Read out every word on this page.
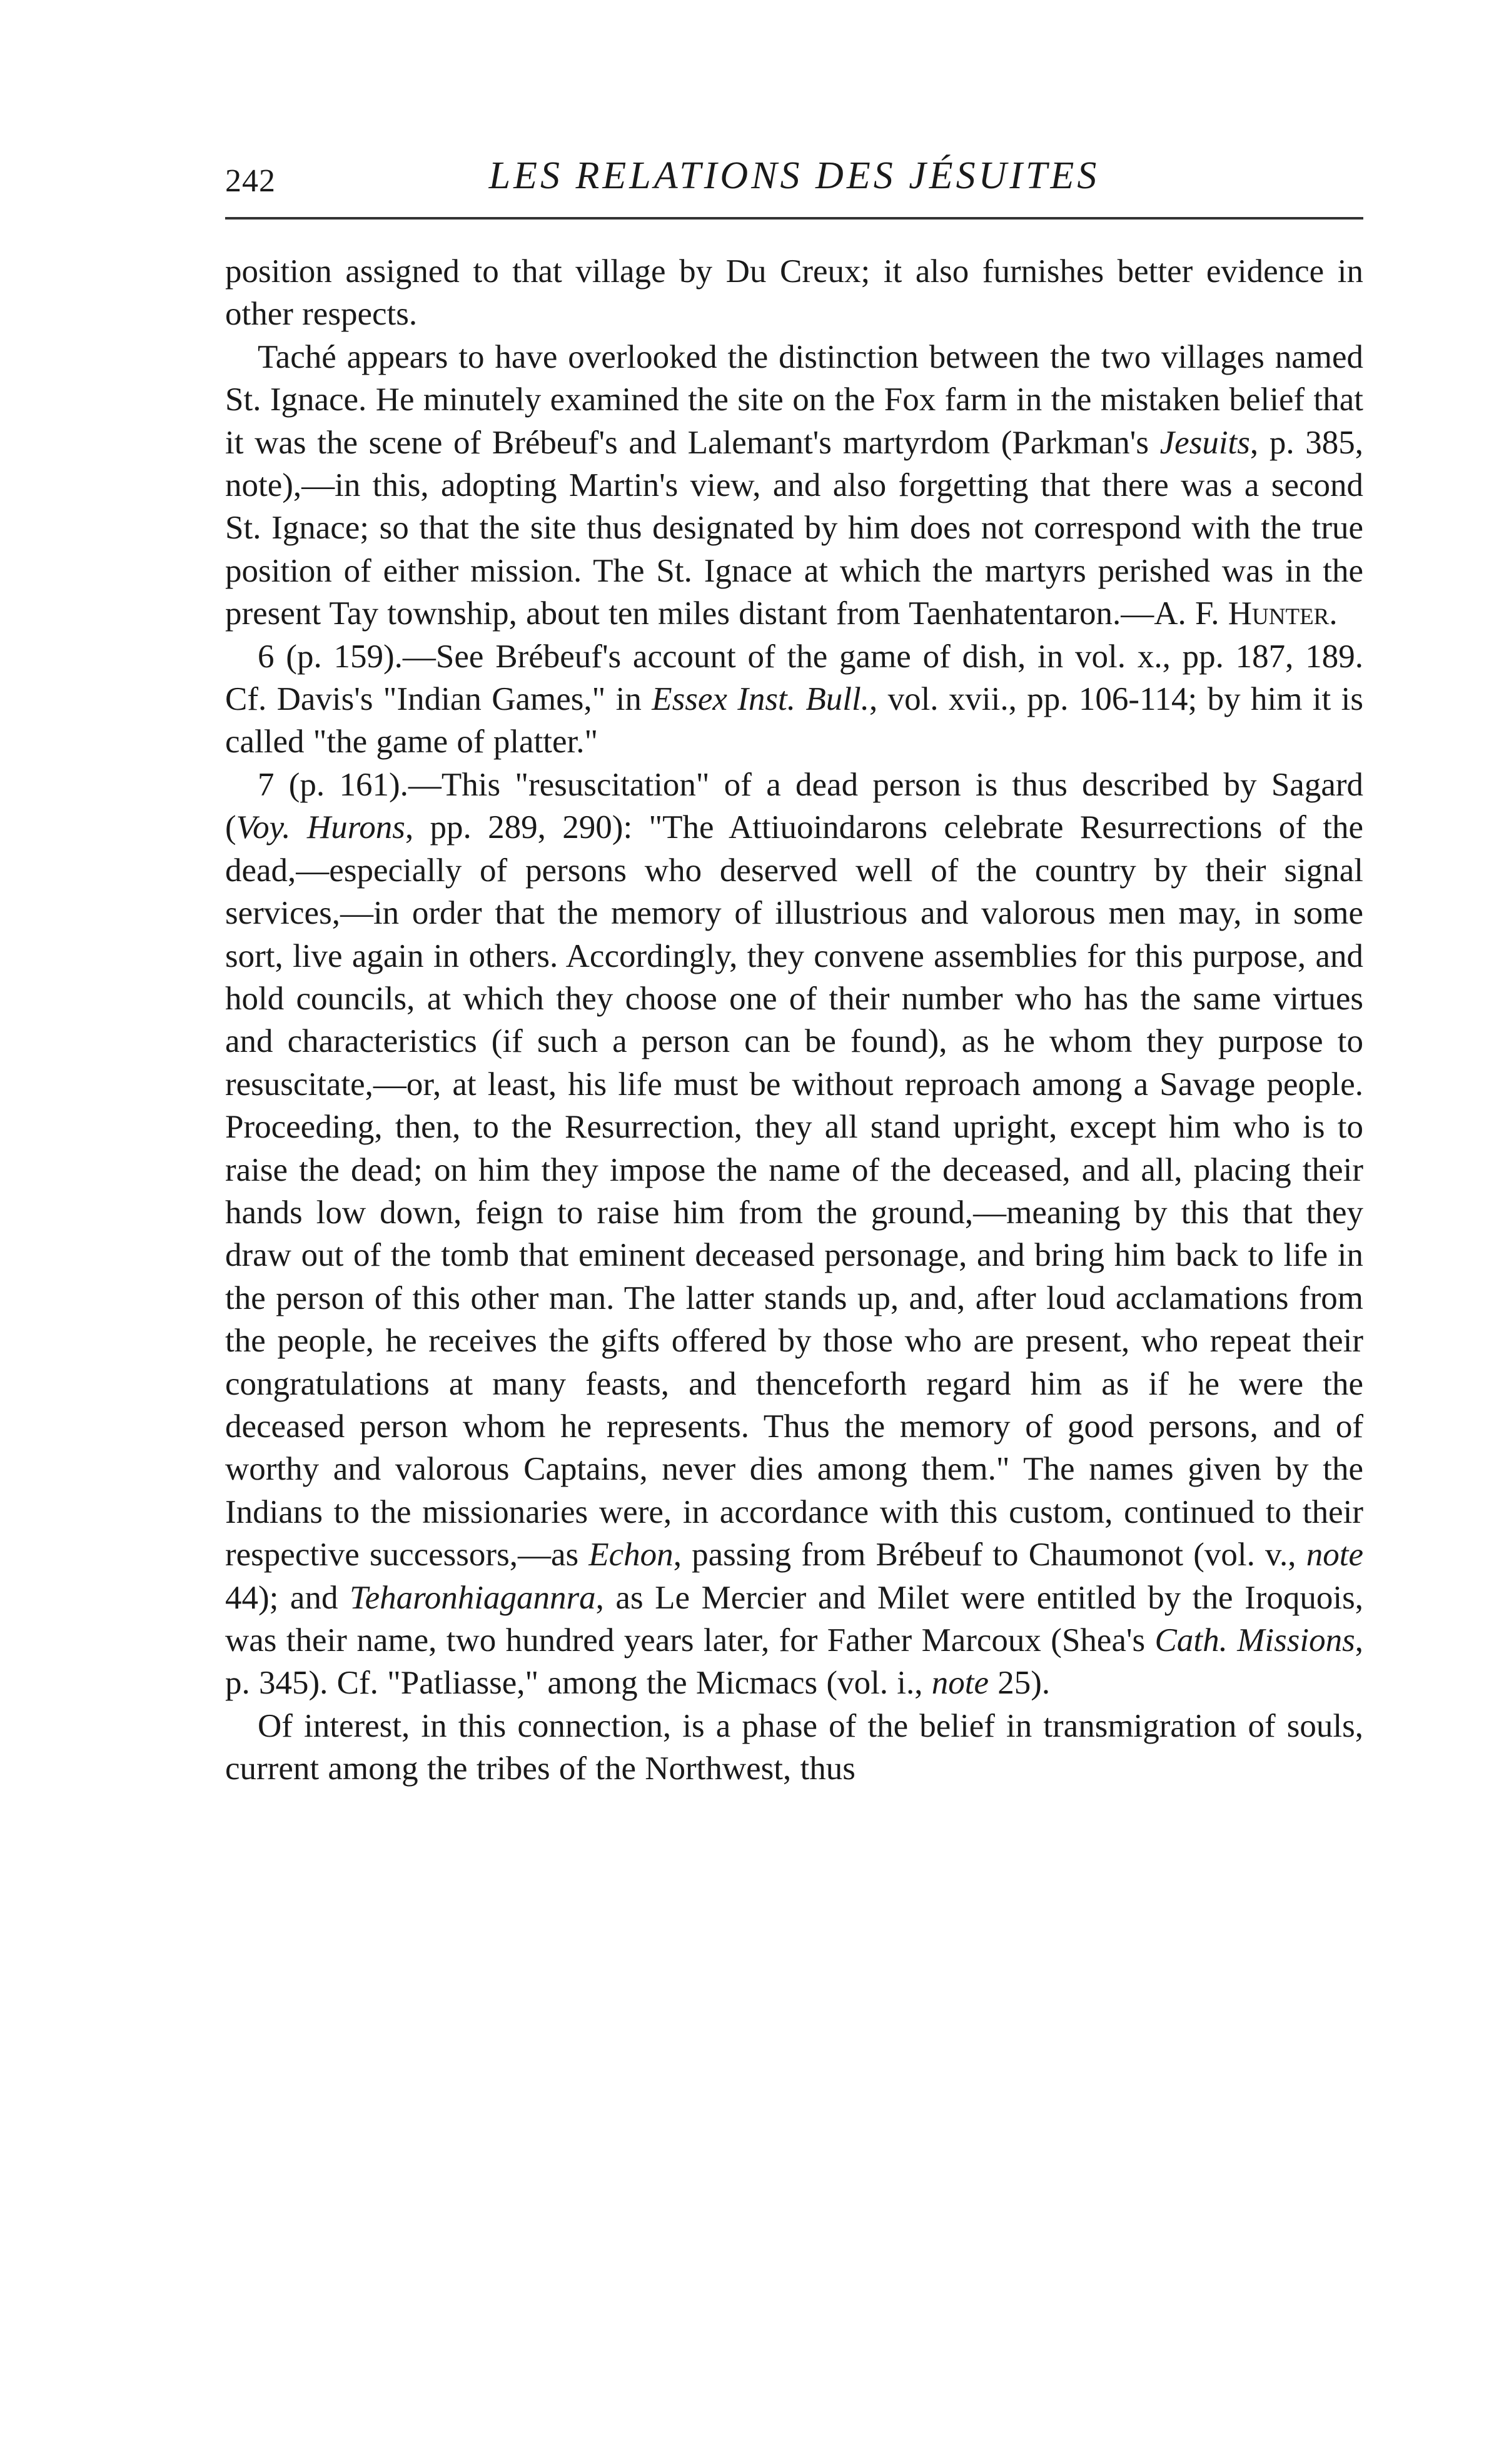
242	LES RELATIONS DES JÉSUITES

position assigned to that village by Du Creux; it also furnishes better evidence in other respects.

Taché appears to have overlooked the distinction between the two villages named St. Ignace. He minutely examined the site on the Fox farm in the mistaken belief that it was the scene of Brébeuf's and Lalemant's martyrdom (Parkman's Jesuits, p. 385, note),—in this, adopting Martin's view, and also forgetting that there was a second St. Ignace; so that the site thus designated by him does not correspond with the true position of either mission. The St. Ignace at which the martyrs perished was in the present Tay township, about ten miles distant from Taenhatentaron.—A. F. Hunter.

6 (p. 159).—See Brébeuf's account of the game of dish, in vol. x., pp. 187, 189. Cf. Davis's "Indian Games," in Essex Inst. Bull., vol. xvii., pp. 106-114; by him it is called "the game of platter."

7 (p. 161).—This "resuscitation" of a dead person is thus described by Sagard (Voy. Hurons, pp. 289, 290): "The Attiuoindarons celebrate Resurrections of the dead,—especially of persons who deserved well of the country by their signal services,—in order that the memory of illustrious and valorous men may, in some sort, live again in others. Accordingly, they convene assemblies for this purpose, and hold councils, at which they choose one of their number who has the same virtues and characteristics (if such a person can be found), as he whom they purpose to resuscitate,—or, at least, his life must be without reproach among a Savage people. Proceeding, then, to the Resurrection, they all stand upright, except him who is to raise the dead; on him they impose the name of the deceased, and all, placing their hands low down, feign to raise him from the ground,—meaning by this that they draw out of the tomb that eminent deceased personage, and bring him back to life in the person of this other man. The latter stands up, and, after loud acclamations from the people, he receives the gifts offered by those who are present, who repeat their congratulations at many feasts, and thenceforth regard him as if he were the deceased person whom he represents. Thus the memory of good persons, and of worthy and valorous Captains, never dies among them." The names given by the Indians to the missionaries were, in accordance with this custom, continued to their respective successors,—as Echon, passing from Brébeuf to Chaumonot (vol. v., note 44); and Teharonhiagannra, as Le Mercier and Milet were entitled by the Iroquois, was their name, two hundred years later, for Father Marcoux (Shea's Cath. Missions, p. 345). Cf. "Patliasse," among the Micmacs (vol. i., note 25).

Of interest, in this connection, is a phase of the belief in transmigration of souls, current among the tribes of the Northwest, thus
